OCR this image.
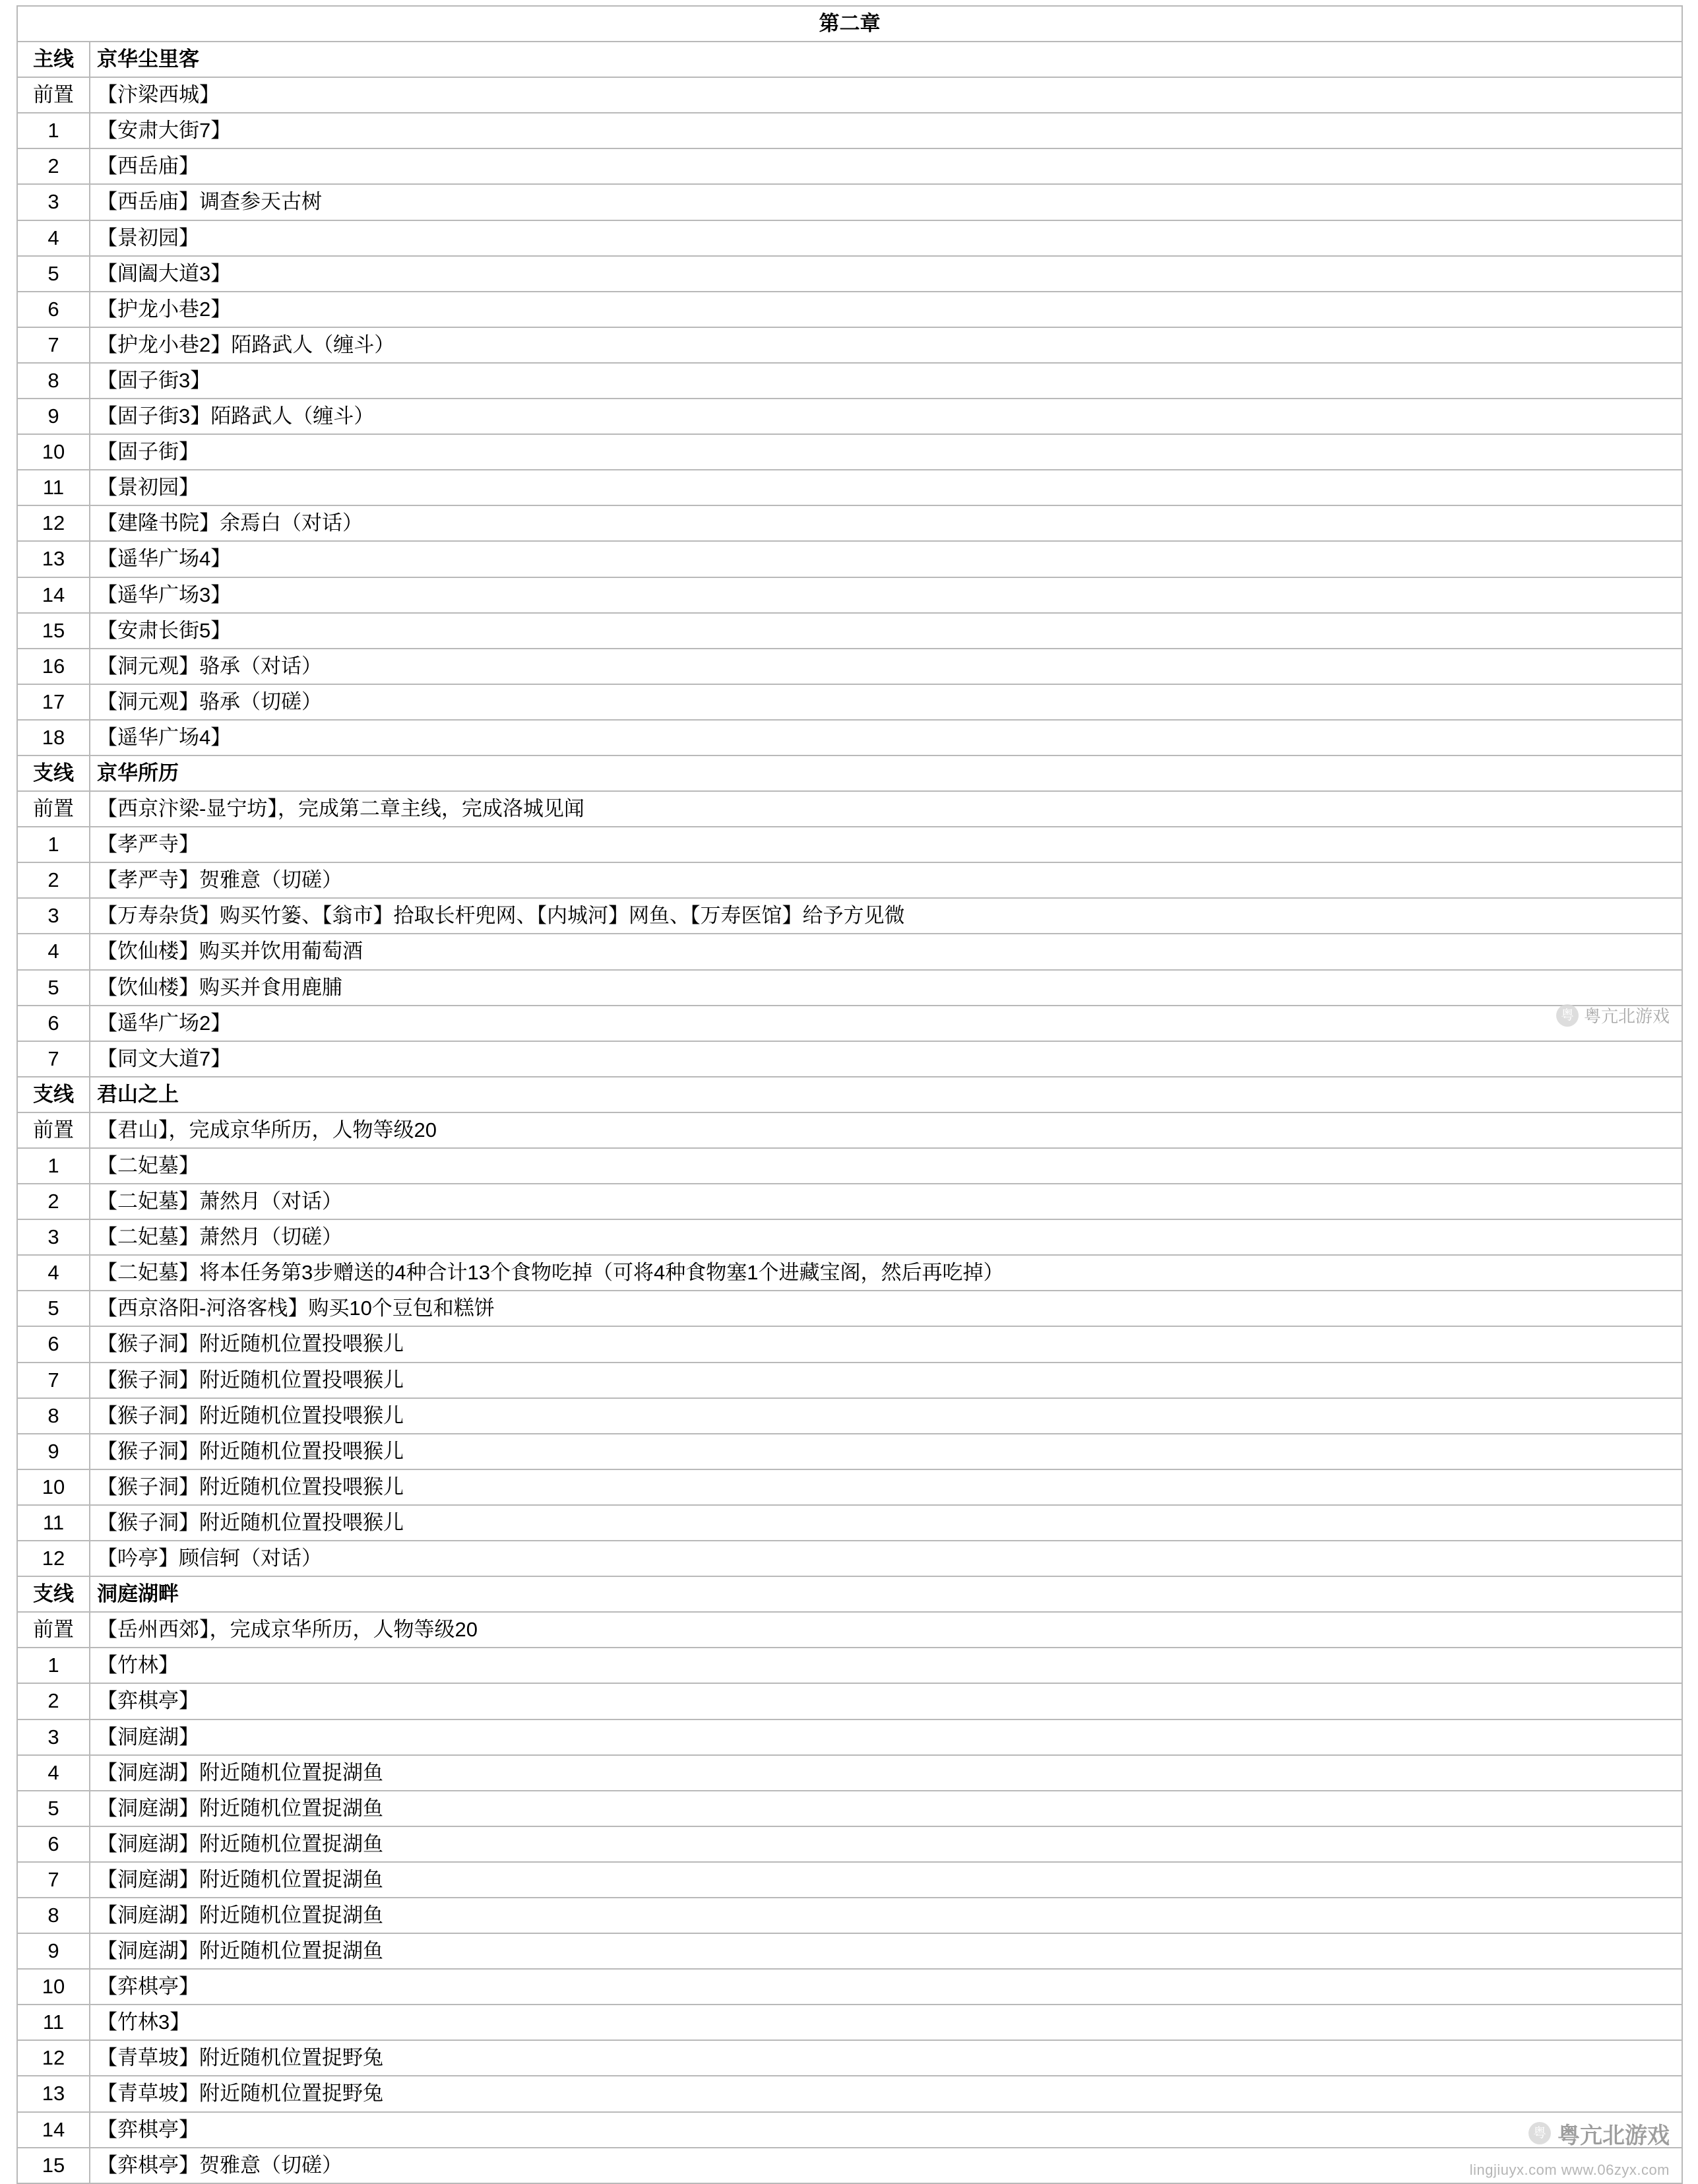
第二章	
主线	京华尘里客
前置	【汴梁西城】
1	【安肃大街7】
2	【西岳庙】
3	【西岳庙】调查参天古树
4	【景初园】
5	【阊阖大道3】
6	【护龙小巷2】
7	【护龙小巷2】陌路武人（缠斗）
8	【固子街3】
9	【固子街3】陌路武人（缠斗）
10	【固子街】
11	【景初园】
12	【建隆书院】余焉白（对话）
13	【遥华广场4】
14	【遥华广场3】
15	【安肃长街5】
16	【洞元观】骆承（对话）
17	【洞元观】骆承（切磋）
18	【遥华广场4】
支线	京华所历
前置	【西京汴梁-显宁坊】，完成第二章主线，完成洛城见闻
1	【孝严寺】
2	【孝严寺】贺雅意（切磋）
3	【万寿杂货】购买竹篓、【翁市】拾取长杆兜网、【内城河】网鱼、【万寿医馆】给予方见微
4	【饮仙楼】购买并饮用葡萄酒
5	【饮仙楼】购买并食用鹿脯
6	【遥华广场2】
7	【同文大道7】
支线	君山之上
前置	【君山】，完成京华所历，人物等级20
1	【二妃墓】
2	【二妃墓】萧然月（对话）
3	【二妃墓】萧然月（切磋）
4	【二妃墓】将本任务第3步赠送的4种合计13个食物吃掉（可将4种食物塞1个进藏宝阁，然后再吃掉）
5	【西京洛阳-河洛客栈】购买10个豆包和糕饼
6	【猴子洞】附近随机位置投喂猴儿
7	【猴子洞】附近随机位置投喂猴儿
8	【猴子洞】附近随机位置投喂猴儿
9	【猴子洞】附近随机位置投喂猴儿
10	【猴子洞】附近随机位置投喂猴儿
11	【猴子洞】附近随机位置投喂猴儿
12	【吟亭】顾信轲（对话）
支线	洞庭湖畔
前置	【岳州西郊】，完成京华所历，人物等级20
1	【竹林】
2	【弈棋亭】
3	【洞庭湖】
4	【洞庭湖】附近随机位置捉湖鱼
5	【洞庭湖】附近随机位置捉湖鱼
6	【洞庭湖】附近随机位置捉湖鱼
7	【洞庭湖】附近随机位置捉湖鱼
8	【洞庭湖】附近随机位置捉湖鱼
9	【洞庭湖】附近随机位置捉湖鱼
10	【弈棋亭】
11	【竹林3】
12	【青草坡】附近随机位置捉野兔
13	【青草坡】附近随机位置捉野兔
14	【弈棋亭】
15	【弈棋亭】贺雅意（切磋）
粤 粤亢北游戏
粤 粤亢北游戏
lingjiuyx.com www.06zyx.com
